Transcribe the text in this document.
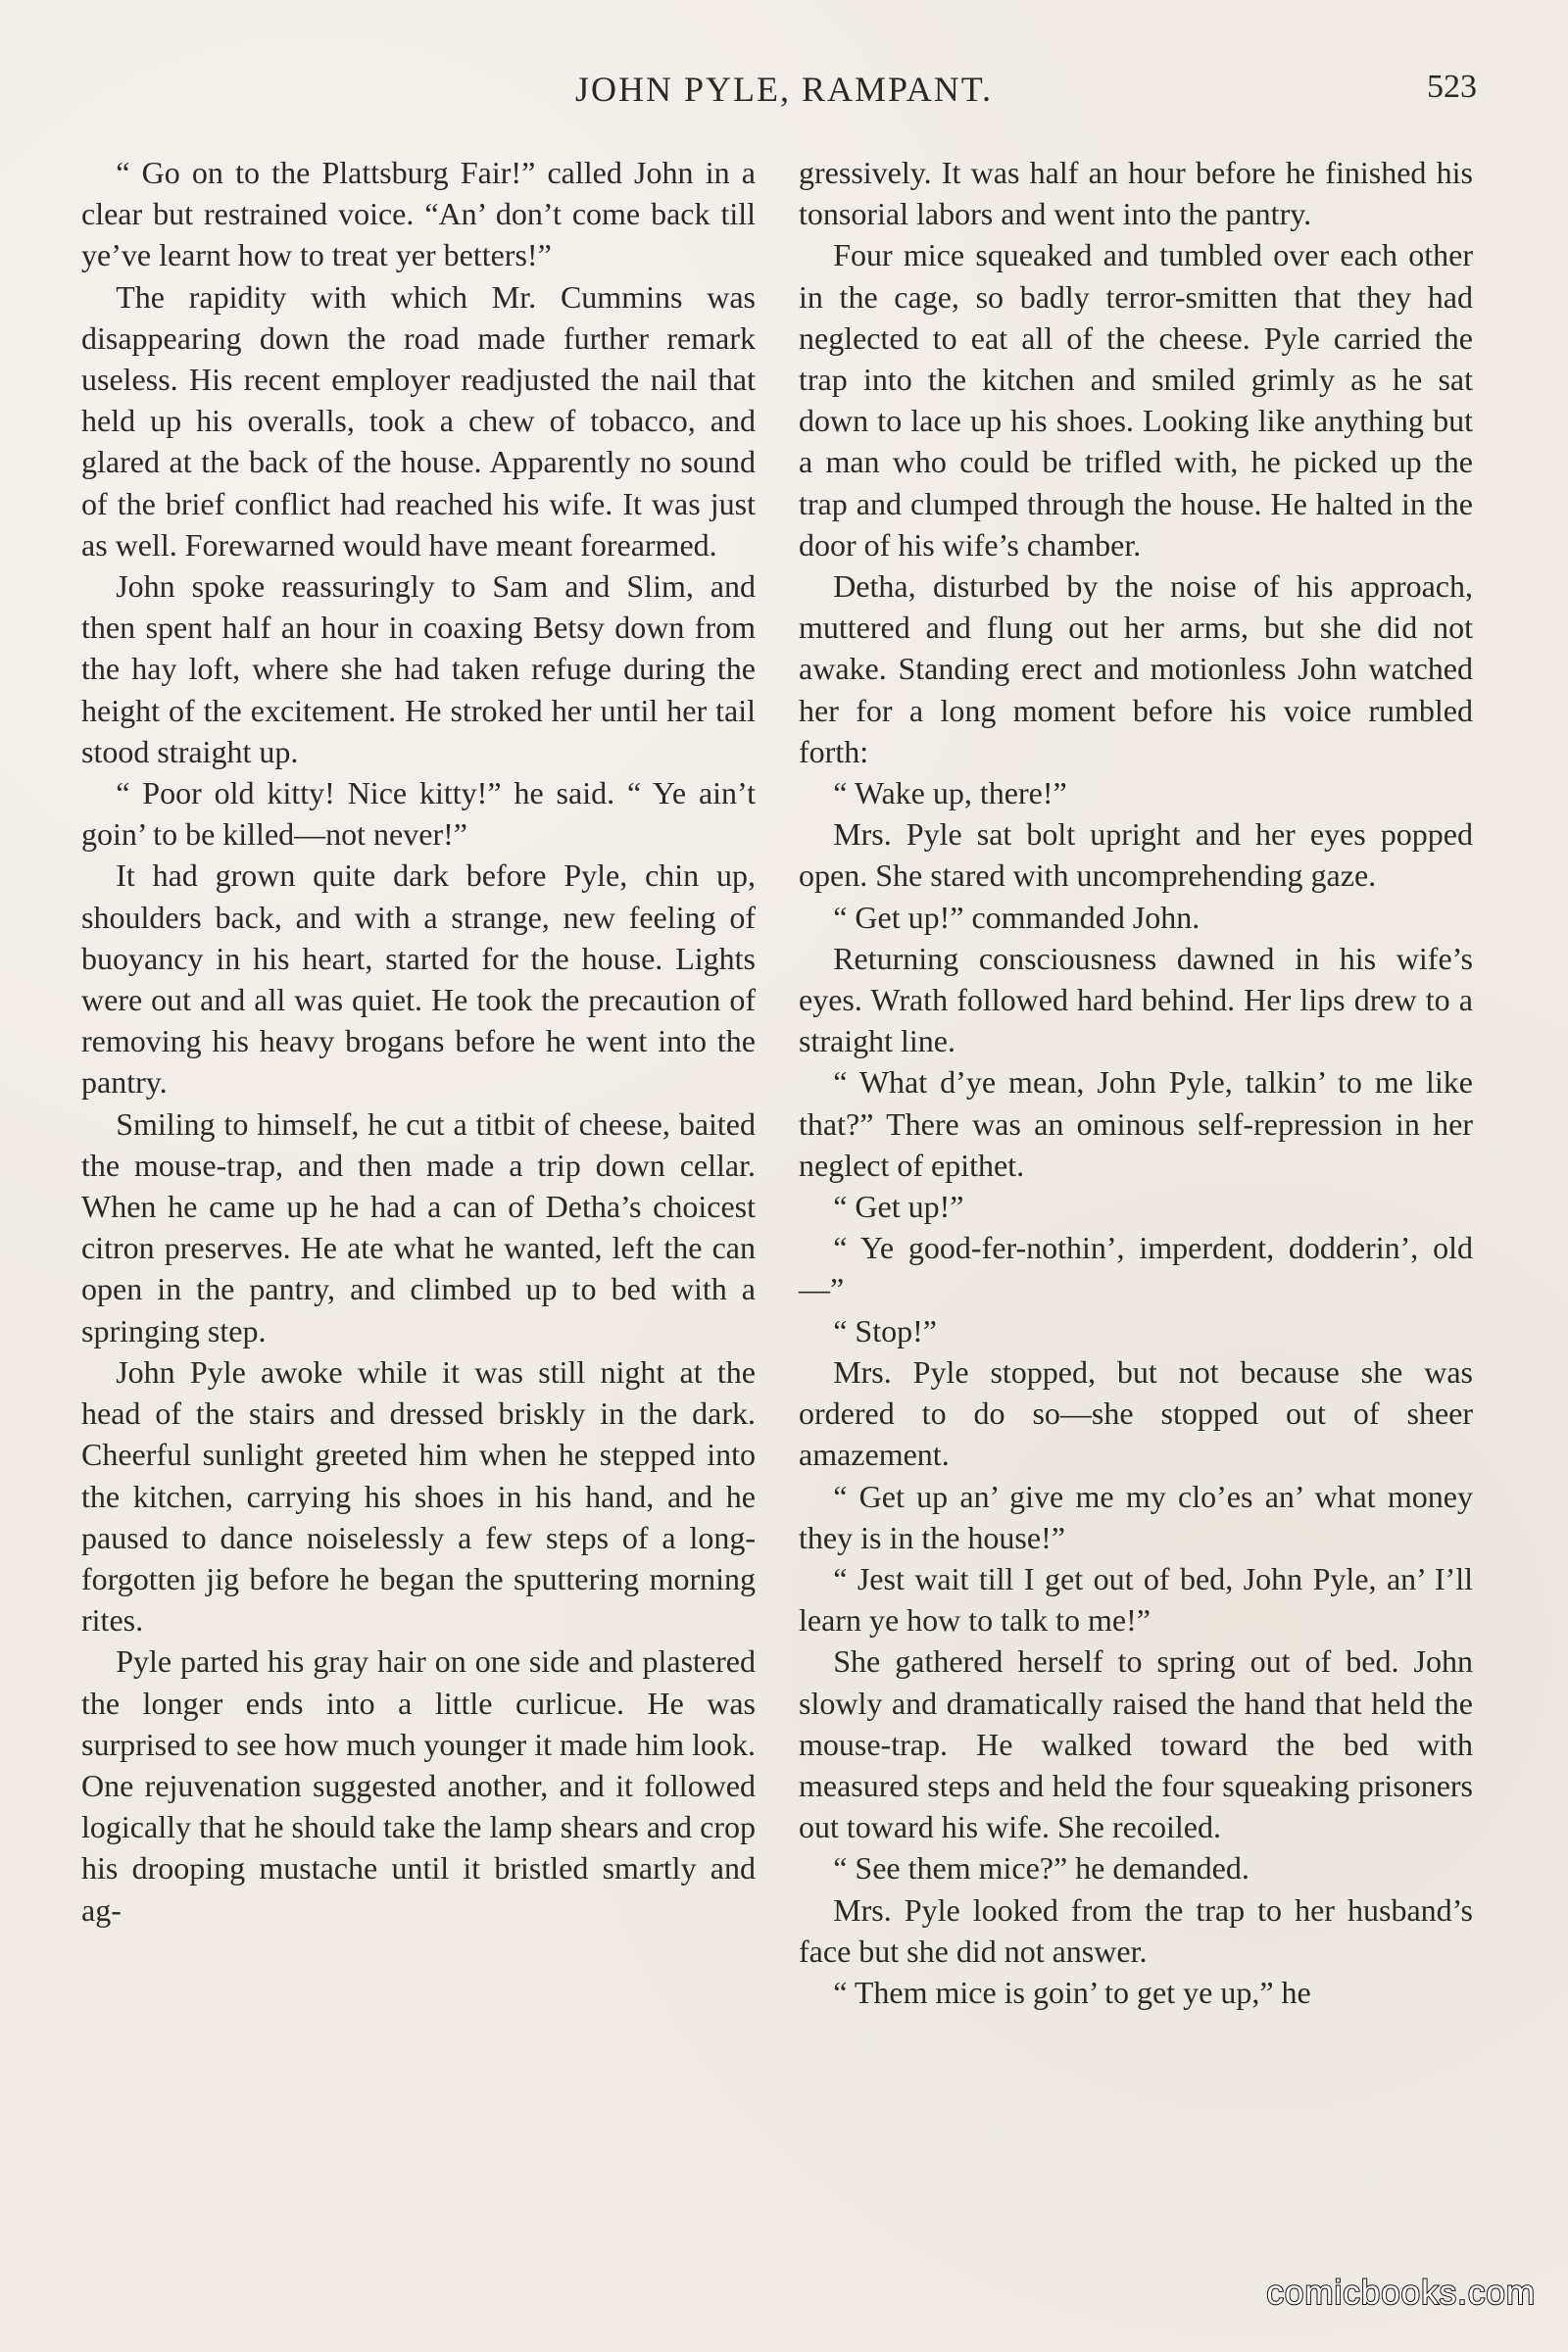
JOHN PYLE, RAMPANT.	523

“ Go on to the Plattsburg Fair!” called John in a clear but restrained voice. “An’ don’t come back till ye’ve learnt how to treat yer betters!”

The rapidity with which Mr. Cummins was disappearing down the road made further remark useless. His recent employer readjusted the nail that held up his overalls, took a chew of tobacco, and glared at the back of the house. Apparently no sound of the brief conflict had reached his wife. It was just as well. Forewarned would have meant forearmed.

John spoke reassuringly to Sam and Slim, and then spent half an hour in coaxing Betsy down from the hay loft, where she had taken refuge during the height of the excitement. He stroked her until her tail stood straight up.

“ Poor old kitty! Nice kitty!” he said. “ Ye ain’t goin’ to be killed—not never!”

It had grown quite dark before Pyle, chin up, shoulders back, and with a strange, new feeling of buoyancy in his heart, started for the house. Lights were out and all was quiet. He took the precaution of removing his heavy brogans before he went into the pantry.

Smiling to himself, he cut a titbit of cheese, baited the mouse-trap, and then made a trip down cellar. When he came up he had a can of Detha’s choicest citron preserves. He ate what he wanted, left the can open in the pantry, and climbed up to bed with a springing step.

John Pyle awoke while it was still night at the head of the stairs and dressed briskly in the dark. Cheerful sunlight greeted him when he stepped into the kitchen, carrying his shoes in his hand, and he paused to dance noiselessly a few steps of a long-forgotten jig before he began the sputtering morning rites.

Pyle parted his gray hair on one side and plastered the longer ends into a little curlicue. He was surprised to see how much younger it made him look. One rejuvenation suggested another, and it followed logically that he should take the lamp shears and crop his drooping mustache until it bristled smartly and ag-

gressively. It was half an hour before he finished his tonsorial labors and went into the pantry.

Four mice squeaked and tumbled over each other in the cage, so badly terror-smitten that they had neglected to eat all of the cheese. Pyle carried the trap into the kitchen and smiled grimly as he sat down to lace up his shoes. Looking like anything but a man who could be trifled with, he picked up the trap and clumped through the house. He halted in the door of his wife’s chamber.

Detha, disturbed by the noise of his approach, muttered and flung out her arms, but she did not awake. Standing erect and motionless John watched her for a long moment before his voice rumbled forth:

“ Wake up, there!”

Mrs. Pyle sat bolt upright and her eyes popped open. She stared with uncomprehending gaze.

“ Get up!” commanded John.

Returning consciousness dawned in his wife’s eyes. Wrath followed hard behind. Her lips drew to a straight line.

“ What d’ye mean, John Pyle, talkin’ to me like that?” There was an ominous self-repression in her neglect of epithet.

“ Get up!”

“ Ye good-fer-nothin’, imperdent, dodderin’, old—”

“ Stop!”

Mrs. Pyle stopped, but not because she was ordered to do so—she stopped out of sheer amazement.

“ Get up an’ give me my clo’es an’ what money they is in the house!”

“ Jest wait till I get out of bed, John Pyle, an’ I’ll learn ye how to talk to me!”

She gathered herself to spring out of bed. John slowly and dramatically raised the hand that held the mouse-trap. He walked toward the bed with measured steps and held the four squeaking prisoners out toward his wife. She recoiled.

“ See them mice?” he demanded.

Mrs. Pyle looked from the trap to her husband’s face but she did not answer.

“ Them mice is goin’ to get ye up,” he

comicbooks.com
